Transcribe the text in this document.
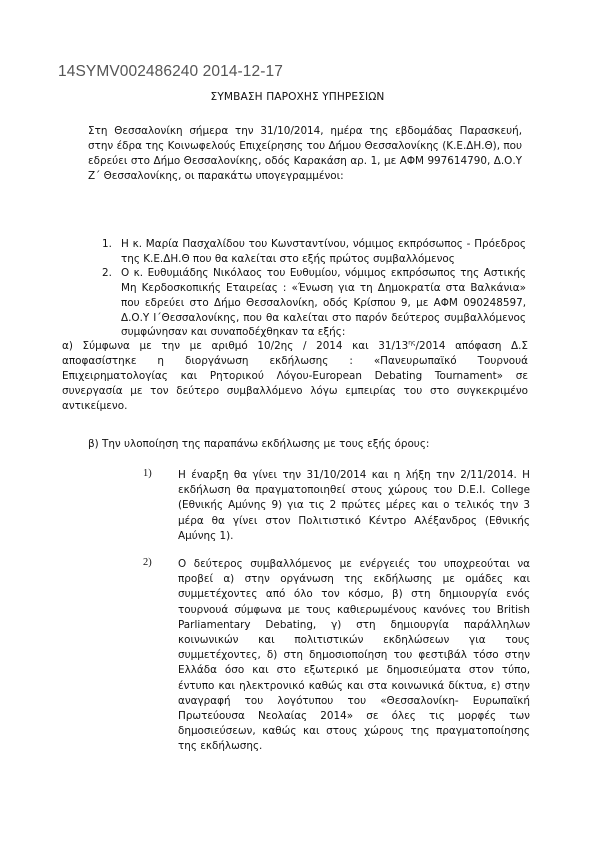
14SYMV002486240 2014-12-17
ΣΥΜΒΑΣΗ ΠΑΡΟΧΗΣ ΥΠΗΡΕΣΙΩΝ
Στη Θεσσαλονίκη σήμερα την 31/10/2014, ημέρα της εβδομάδας Παρασκευή, στην έδρα της Κοινωφελούς Επιχείρησης του Δήμου Θεσσαλονίκης (Κ.Ε.ΔΗ.Θ), που εδρεύει στο Δήμο Θεσσαλονίκης, οδός Καρακάση αρ. 1, με ΑΦΜ 997614790, Δ.Ο.Υ Ζ΄ Θεσσαλονίκης, οι παρακάτω υπογεγραμμένοι:
1. Η κ. Μαρία Πασχαλίδου του Κωνσταντίνου, νόμιμος εκπρόσωπος - Πρόεδρος της Κ.Ε.ΔΗ.Θ που θα καλείται στο εξής πρώτος συμβαλλόμενος
2. Ο κ. Ευθυμιάδης Νικόλαος του Ευθυμίου, νόμιμος εκπρόσωπος της Αστικής Μη Κερδοσκοπικής Εταιρείας : «Ένωση για τη Δημοκρατία στα Βαλκάνια» που εδρεύει στο Δήμο Θεσσαλονίκη, οδός Κρίσπου 9, με ΑΦΜ 090248597, Δ.Ο.Υ Ι΄Θεσσαλονίκης, που θα καλείται στο παρόν δεύτερος συμβαλλόμενος συμφώνησαν και συναποδέχθηκαν τα εξής:
α) Σύμφωνα με την με αριθμό 10/2ης / 2014 και $31/13^{\eta\varsigma}/2014$ απόφαση Δ.Σ αποφασίστηκε η διοργάνωση εκδήλωσης : «Πανευρωπαϊκό Τουρνουά Επιχειρηματολογίας και Ρητορικού Λόγου-European Debating Tournament» σε συνεργασία με τον δεύτερο συμβαλλόμενο λόγω εμπειρίας του στο συγκεκριμένο αντικείμενο.
β) Την υλοποίηση της παραπάνω εκδήλωσης με τους εξής όρους:
1)	Η έναρξη θα γίνει την 31/10/2014 και η λήξη την 2/11/2014. Η εκδήλωση θα πραγματοποιηθεί στους χώρους του D.E.I. College (Εθνικής Αμύνης 9) για τις 2 πρώτες μέρες και ο τελικός την 3 μέρα θα γίνει στον Πολιτιστικό Κέντρο Αλέξανδρος (Εθνικής Αμύνης 1).
2)	Ο δεύτερος συμβαλλόμενος με ενέργειές του υποχρεούται να προβεί α) στην οργάνωση της εκδήλωσης με ομάδες και συμμετέχοντες από όλο τον κόσμο, β) στη δημιουργία ενός τουρνουά σύμφωνα με τους καθιερωμένους κανόνες του British Parliamentary Debating, γ) στη δημιουργία παράλληλων κοινωνικών και πολιτιστικών εκδηλώσεων για τους συμμετέχοντες, δ) στη δημοσιοποίηση του φεστιβάλ τόσο στην Ελλάδα όσο και στο εξωτερικό με δημοσιεύματα στον τύπο, έντυπο και ηλεκτρονικό καθώς και στα κοινωνικά δίκτυα, ε) στην αναγραφή του λογότυπου του «Θεσσαλονίκη- Ευρωπαϊκή Πρωτεύουσα Νεολαίας 2014» σε όλες τις μορφές των δημοσιεύσεων, καθώς και στους χώρους της πραγματοποίησης της εκδήλωσης.
